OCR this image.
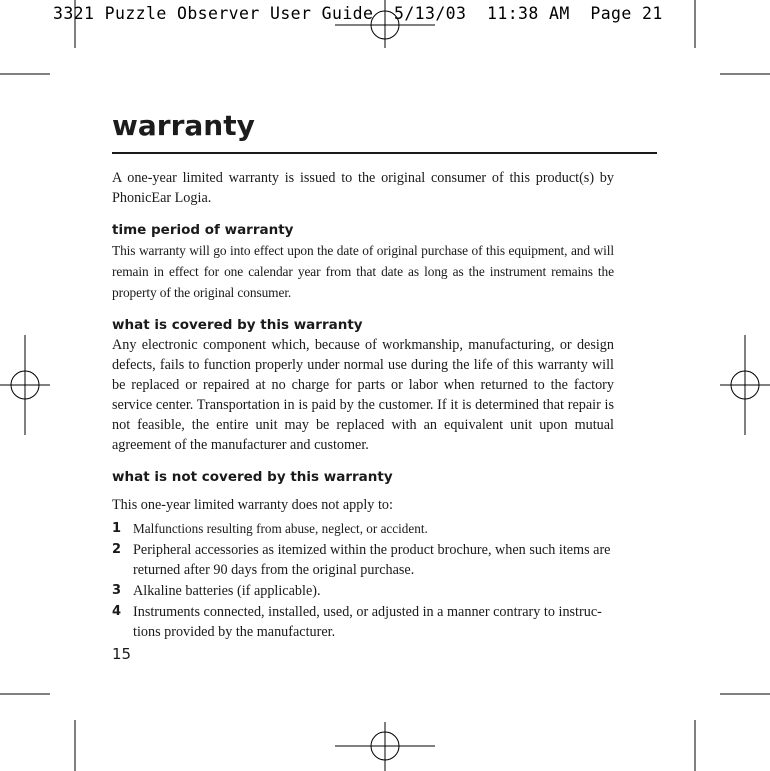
3321 Puzzle Observer User Guide  5/13/03  11:38 AM  Page 21
warranty

A one-year limited warranty is issued to the original consumer of this product(s) by PhonicEar Logia.

time period of warranty

This warranty will go into effect upon the date of original purchase of this equipment, and will remain in effect for one calendar year from that date as long as the instrument remains the property of the original consumer.

what is covered by this warranty

Any electronic component which, because of workmanship, manufacturing, or design defects, fails to function properly under normal use during the life of this warranty will be replaced or repaired at no charge for parts or labor when returned to the factory service center. Transportation in is paid by the customer. If it is determined that repair is not feasible, the entire unit may be replaced with an equivalent unit upon mutual agreement of the manufacturer and customer.

what is not covered by this warranty

This one-year limited warranty does not apply to:

1 Malfunctions resulting from abuse, neglect, or accident.
2 Peripheral accessories as itemized within the product brochure, when such items are returned after 90 days from the original purchase.
3 Alkaline batteries (if applicable).
4 Instruments connected, installed, used, or adjusted in a manner contrary to instruc-tions provided by the manufacturer.
15
